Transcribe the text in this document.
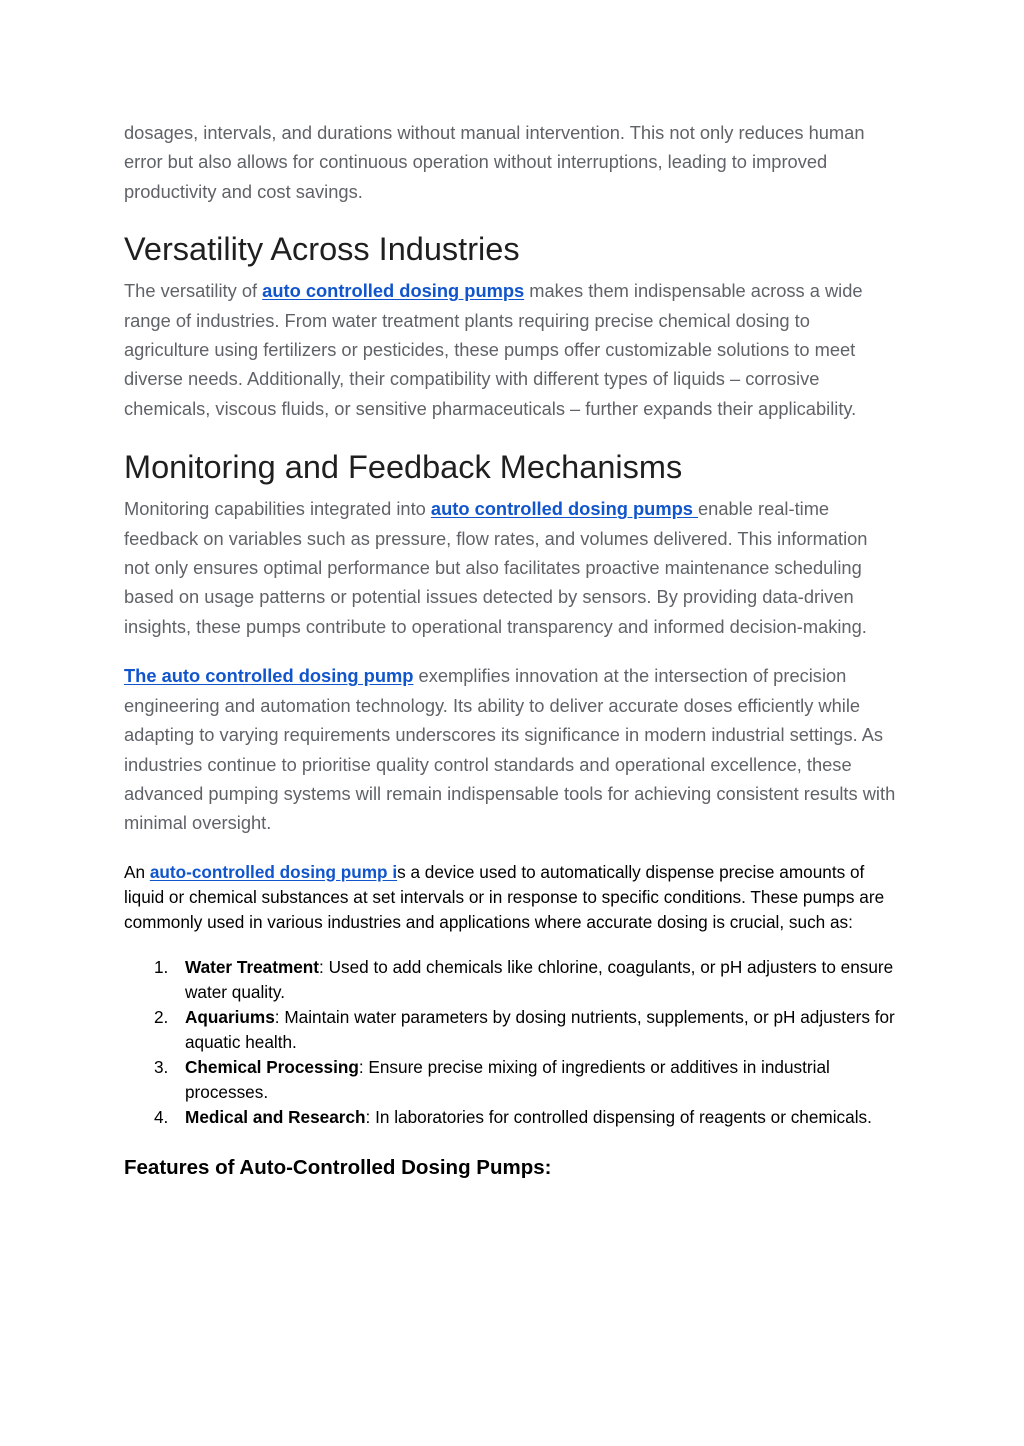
dosages, intervals, and durations without manual intervention. This not only reduces human error but also allows for continuous operation without interruptions, leading to improved productivity and cost savings.

Versatility Across Industries

The versatility of auto controlled dosing pumps makes them indispensable across a wide range of industries. From water treatment plants requiring precise chemical dosing to agriculture using fertilizers or pesticides, these pumps offer customizable solutions to meet diverse needs. Additionally, their compatibility with different types of liquids – corrosive chemicals, viscous fluids, or sensitive pharmaceuticals – further expands their applicability.

Monitoring and Feedback Mechanisms

Monitoring capabilities integrated into auto controlled dosing pumps enable real-time feedback on variables such as pressure, flow rates, and volumes delivered. This information not only ensures optimal performance but also facilitates proactive maintenance scheduling based on usage patterns or potential issues detected by sensors. By providing data-driven insights, these pumps contribute to operational transparency and informed decision-making.

The auto controlled dosing pump exemplifies innovation at the intersection of precision engineering and automation technology. Its ability to deliver accurate doses efficiently while adapting to varying requirements underscores its significance in modern industrial settings. As industries continue to prioritise quality control standards and operational excellence, these advanced pumping systems will remain indispensable tools for achieving consistent results with minimal oversight.

An auto-controlled dosing pump is a device used to automatically dispense precise amounts of liquid or chemical substances at set intervals or in response to specific conditions. These pumps are commonly used in various industries and applications where accurate dosing is crucial, such as:

1. Water Treatment: Used to add chemicals like chlorine, coagulants, or pH adjusters to ensure water quality.
2. Aquariums: Maintain water parameters by dosing nutrients, supplements, or pH adjusters for aquatic health.
3. Chemical Processing: Ensure precise mixing of ingredients or additives in industrial processes.
4. Medical and Research: In laboratories for controlled dispensing of reagents or chemicals.
Features of Auto-Controlled Dosing Pumps:
